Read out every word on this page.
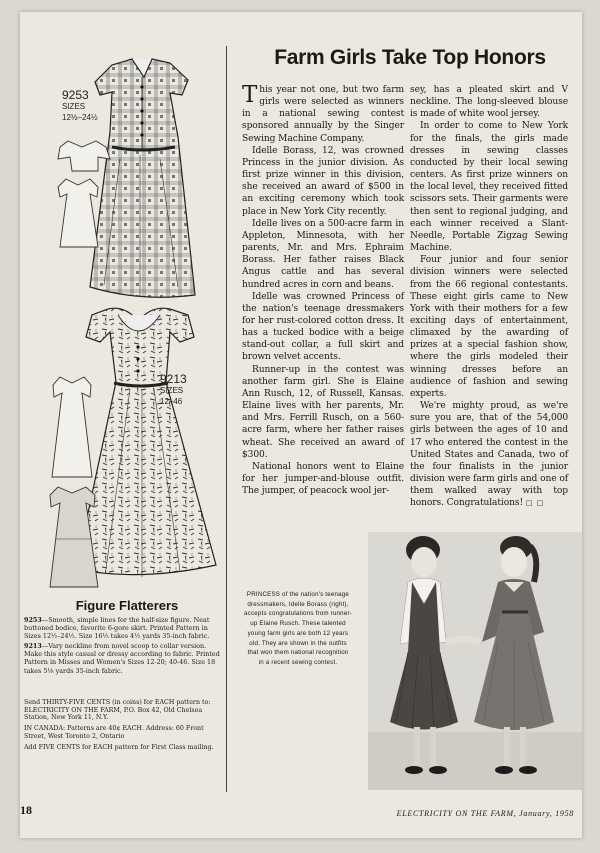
9253
SIZES
12½–24½
9213
SIZES
12–46
Figure Flatterers

9253—Smooth, simple lines for the half-size figure. Neat buttoned bodice, favorite 6-gore skirt. Printed Pattern in Sizes 12½–24½. Size 16½ takes 4½ yards 35-inch fabric.

9213—Vary neckline from novel scoop to collar version. Make this style casual or dressy according to fabric. Printed Pattern in Misses and Women's Sizes 12-20; 40-46. Size 18 takes 5⅛ yards 35-inch fabric.

Send THIRTY-FIVE CENTS (in coins) for EACH pattern to: ELECTRICITY ON THE FARM, P.O. Box 42, Old Chelsea Station, New York 11, N.Y.

IN CANADA: Patterns are 40¢ EACH. Address: 60 Front Street, West Toronto 2, Ontario

Add FIVE CENTS for EACH pattern for First Class mailing.

Farm Girls Take Top Honors

This year not one, but two farm girls were selected as winners in a national sewing contest sponsored annually by the Singer Sewing Machine Company.

Idelle Borass, 12, was crowned Princess in the junior division. As first prize winner in this division, she received an award of $500 in an exciting ceremony which took place in New York City recently.

Idelle lives on a 500-acre farm in Appleton, Minnesota, with her parents, Mr. and Mrs. Ephraim Borass. Her father raises Black Angus cattle and has several hundred acres in corn and beans.

Idelle was crowned Princess of the nation's teenage dressmakers for her rust-colored cotton dress. It has a tucked bodice with a beige stand-out collar, a full skirt and brown velvet accents.

Runner-up in the contest was another farm girl. She is Elaine Ann Rusch, 12, of Russell, Kansas. Elaine lives with her parents, Mr. and Mrs. Ferrill Rusch, on a 560-acre farm, where her father raises wheat. She received an award of $300.

National honors went to Elaine for her jumper-and-blouse outfit. The jumper, of peacock wool jer-

sey, has a pleated skirt and V neckline. The long-sleeved blouse is made of white wool jersey.

In order to come to New York for the finals, the girls made dresses in sewing classes conducted by their local sewing centers. As first prize winners on the local level, they received fitted scissors sets. Their garments were then sent to regional judging, and each winner received a Slant-Needle, Portable Zigzag Sewing Machine.

Four junior and four senior division winners were selected from the 66 regional contestants. These eight girls came to New York with their mothers for a few exciting days of entertainment, climaxed by the awarding of prizes at a special fashion show, where the girls modeled their winning dresses before an audience of fashion and sewing experts.

We're mighty proud, as we're sure you are, that of the 54,000 girls between the ages of 10 and 17 who entered the contest in the United States and Canada, two of the four finalists in the junior division were farm girls and one of them walked away with top honors. Congratulations! □ □

PRINCESS of the nation's teenage dressmakers, Idelle Borass (right), accepts congratulations from runner-up Elaine Rusch. These talented young farm girls are both 12 years old. They are shown in the outfits that won them national recognition in a recent sewing contest.
18	ELECTRICITY ON THE FARM, January, 1958
